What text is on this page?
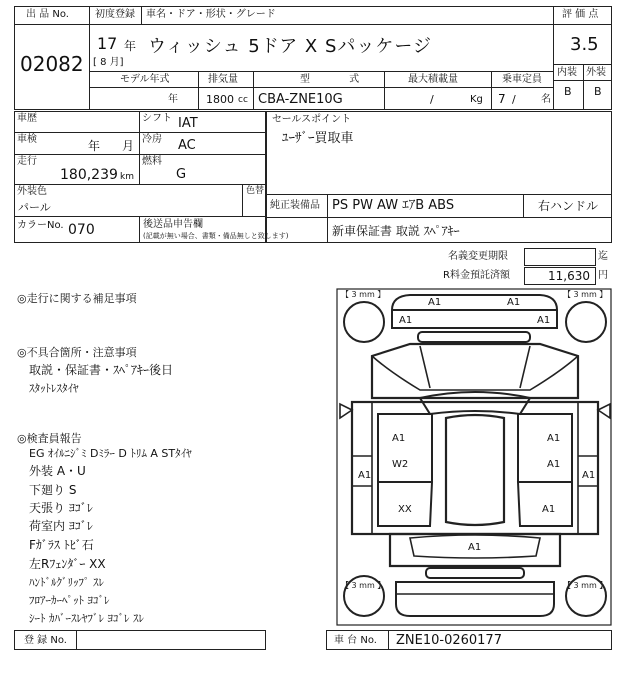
出 品 No.
02082
初度登録 車名・ドア・形状・グレード
17 年
[ 8 月]
ウィッシュ 5ドア X Sパッケージ
評 価 点
3.5
内装 外装
B B
モデル年式	排気量	型 式	最大積載量	乗車定員
年	1800 cc CBA-ZNE10G	/	Kg 7 /	名
車歴	シフト IAT
車検	年 月 冷房 AC
走行
180,239 km
燃料
G
外装色
パール
色替
カラーNo. 070	後送品申告欄
(記載が無い場合、書類・備品無しと致します)
セールスポイント
ﾕｰｻﾞｰ買取車
純正装備品 PS PW AW ｴｱB ABS	右ハンドル
新車保証書 取説 ｽﾍﾟｱｷｰ
名義変更期限	迄
R料金預託済額	11,630 円
◎走行に関する補足事項
◎不具合箇所・注意事項
取説・保証書・ｽﾍﾟｱｷｰ後日
ｽﾀｯﾄﾚｽﾀｲﾔ
◎検査員報告
EG ｵｲﾙﾆｼﾞﾐ Dﾐﾗｰ D ﾄﾘﾑ A STﾀｲﾔ
外装 A・U
下廻り S
天張り ﾖｺﾞﾚ
荷室内 ﾖｺﾞﾚ
Fｶﾞﾗｽ ﾄﾋﾞ石
左Rﾌｪﾝﾀﾞｰ XX
ﾊﾝﾄﾞﾙｸﾞﾘｯﾌﾟ ｽﾚ
ﾌﾛｱｰｶｰﾍﾟｯﾄ ﾖｺﾞﾚ
ｼｰﾄ ｶﾊﾞｰｽﾚﾔﾌﾞﾚ ﾖｺﾞﾚ ｽﾚ
【 3 mm 】	【 3 mm 】
【 3 mm 】	【 3 mm 】
A1	A1
A1	A1
A1	A1
W2	A1
A1	A1
XX	A1
A1
登 録 No.	車 台 No. ZNE10-0260177
